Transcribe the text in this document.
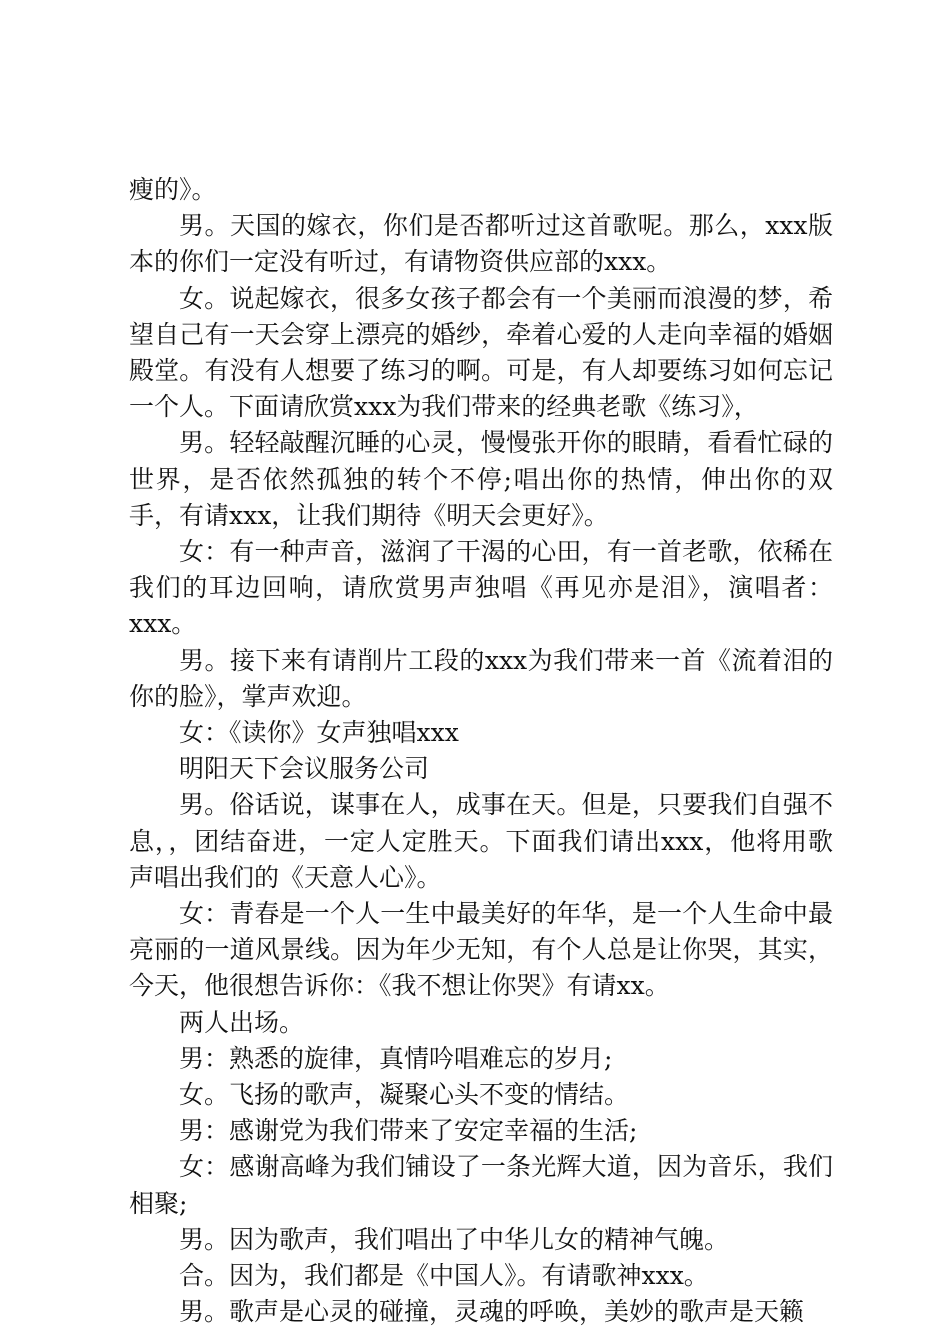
瘦的》。

男。天国的嫁衣，你们是否都听过这首歌呢。那么，xxx版本的你们一定没有听过，有请物资供应部的xxx。

女。说起嫁衣，很多女孩子都会有一个美丽而浪漫的梦，希望自己有一天会穿上漂亮的婚纱，牵着心爱的人走向幸福的婚姻殿堂。有没有人想要了练习的啊。可是，有人却要练习如何忘记一个人。下面请欣赏xxx为我们带来的经典老歌《练习》，

男。轻轻敲醒沉睡的心灵，慢慢张开你的眼睛，看看忙碌的世界，是否依然孤独的转个不停;唱出你的热情，伸出你的双手，有请xxx，让我们期待《明天会更好》。

女：有一种声音，滋润了干渴的心田，有一首老歌，依稀在我们的耳边回响，请欣赏男声独唱《再见亦是泪》，演唱者：xxx。

男。接下来有请削片工段的xxx为我们带来一首《流着泪的你的脸》，掌声欢迎。

女：《读你》女声独唱xxx

明阳天下会议服务公司

男。俗话说，谋事在人，成事在天。但是，只要我们自强不息，，团结奋进，一定人定胜天。下面我们请出xxx，他将用歌声唱出我们的《天意人心》。

女：青春是一个人一生中最美好的年华，是一个人生命中最亮丽的一道风景线。因为年少无知，有个人总是让你哭，其实，今天，他很想告诉你：《我不想让你哭》有请xx。

两人出场。

男：熟悉的旋律，真情吟唱难忘的岁月;

女。飞扬的歌声，凝聚心头不变的情结。

男：感谢党为我们带来了安定幸福的生活;

女：感谢高峰为我们铺设了一条光辉大道，因为音乐，我们相聚;

男。因为歌声，我们唱出了中华儿女的精神气魄。

合。因为，我们都是《中国人》。有请歌神xxx。

男。歌声是心灵的碰撞，灵魂的呼唤，美妙的歌声是天籁
